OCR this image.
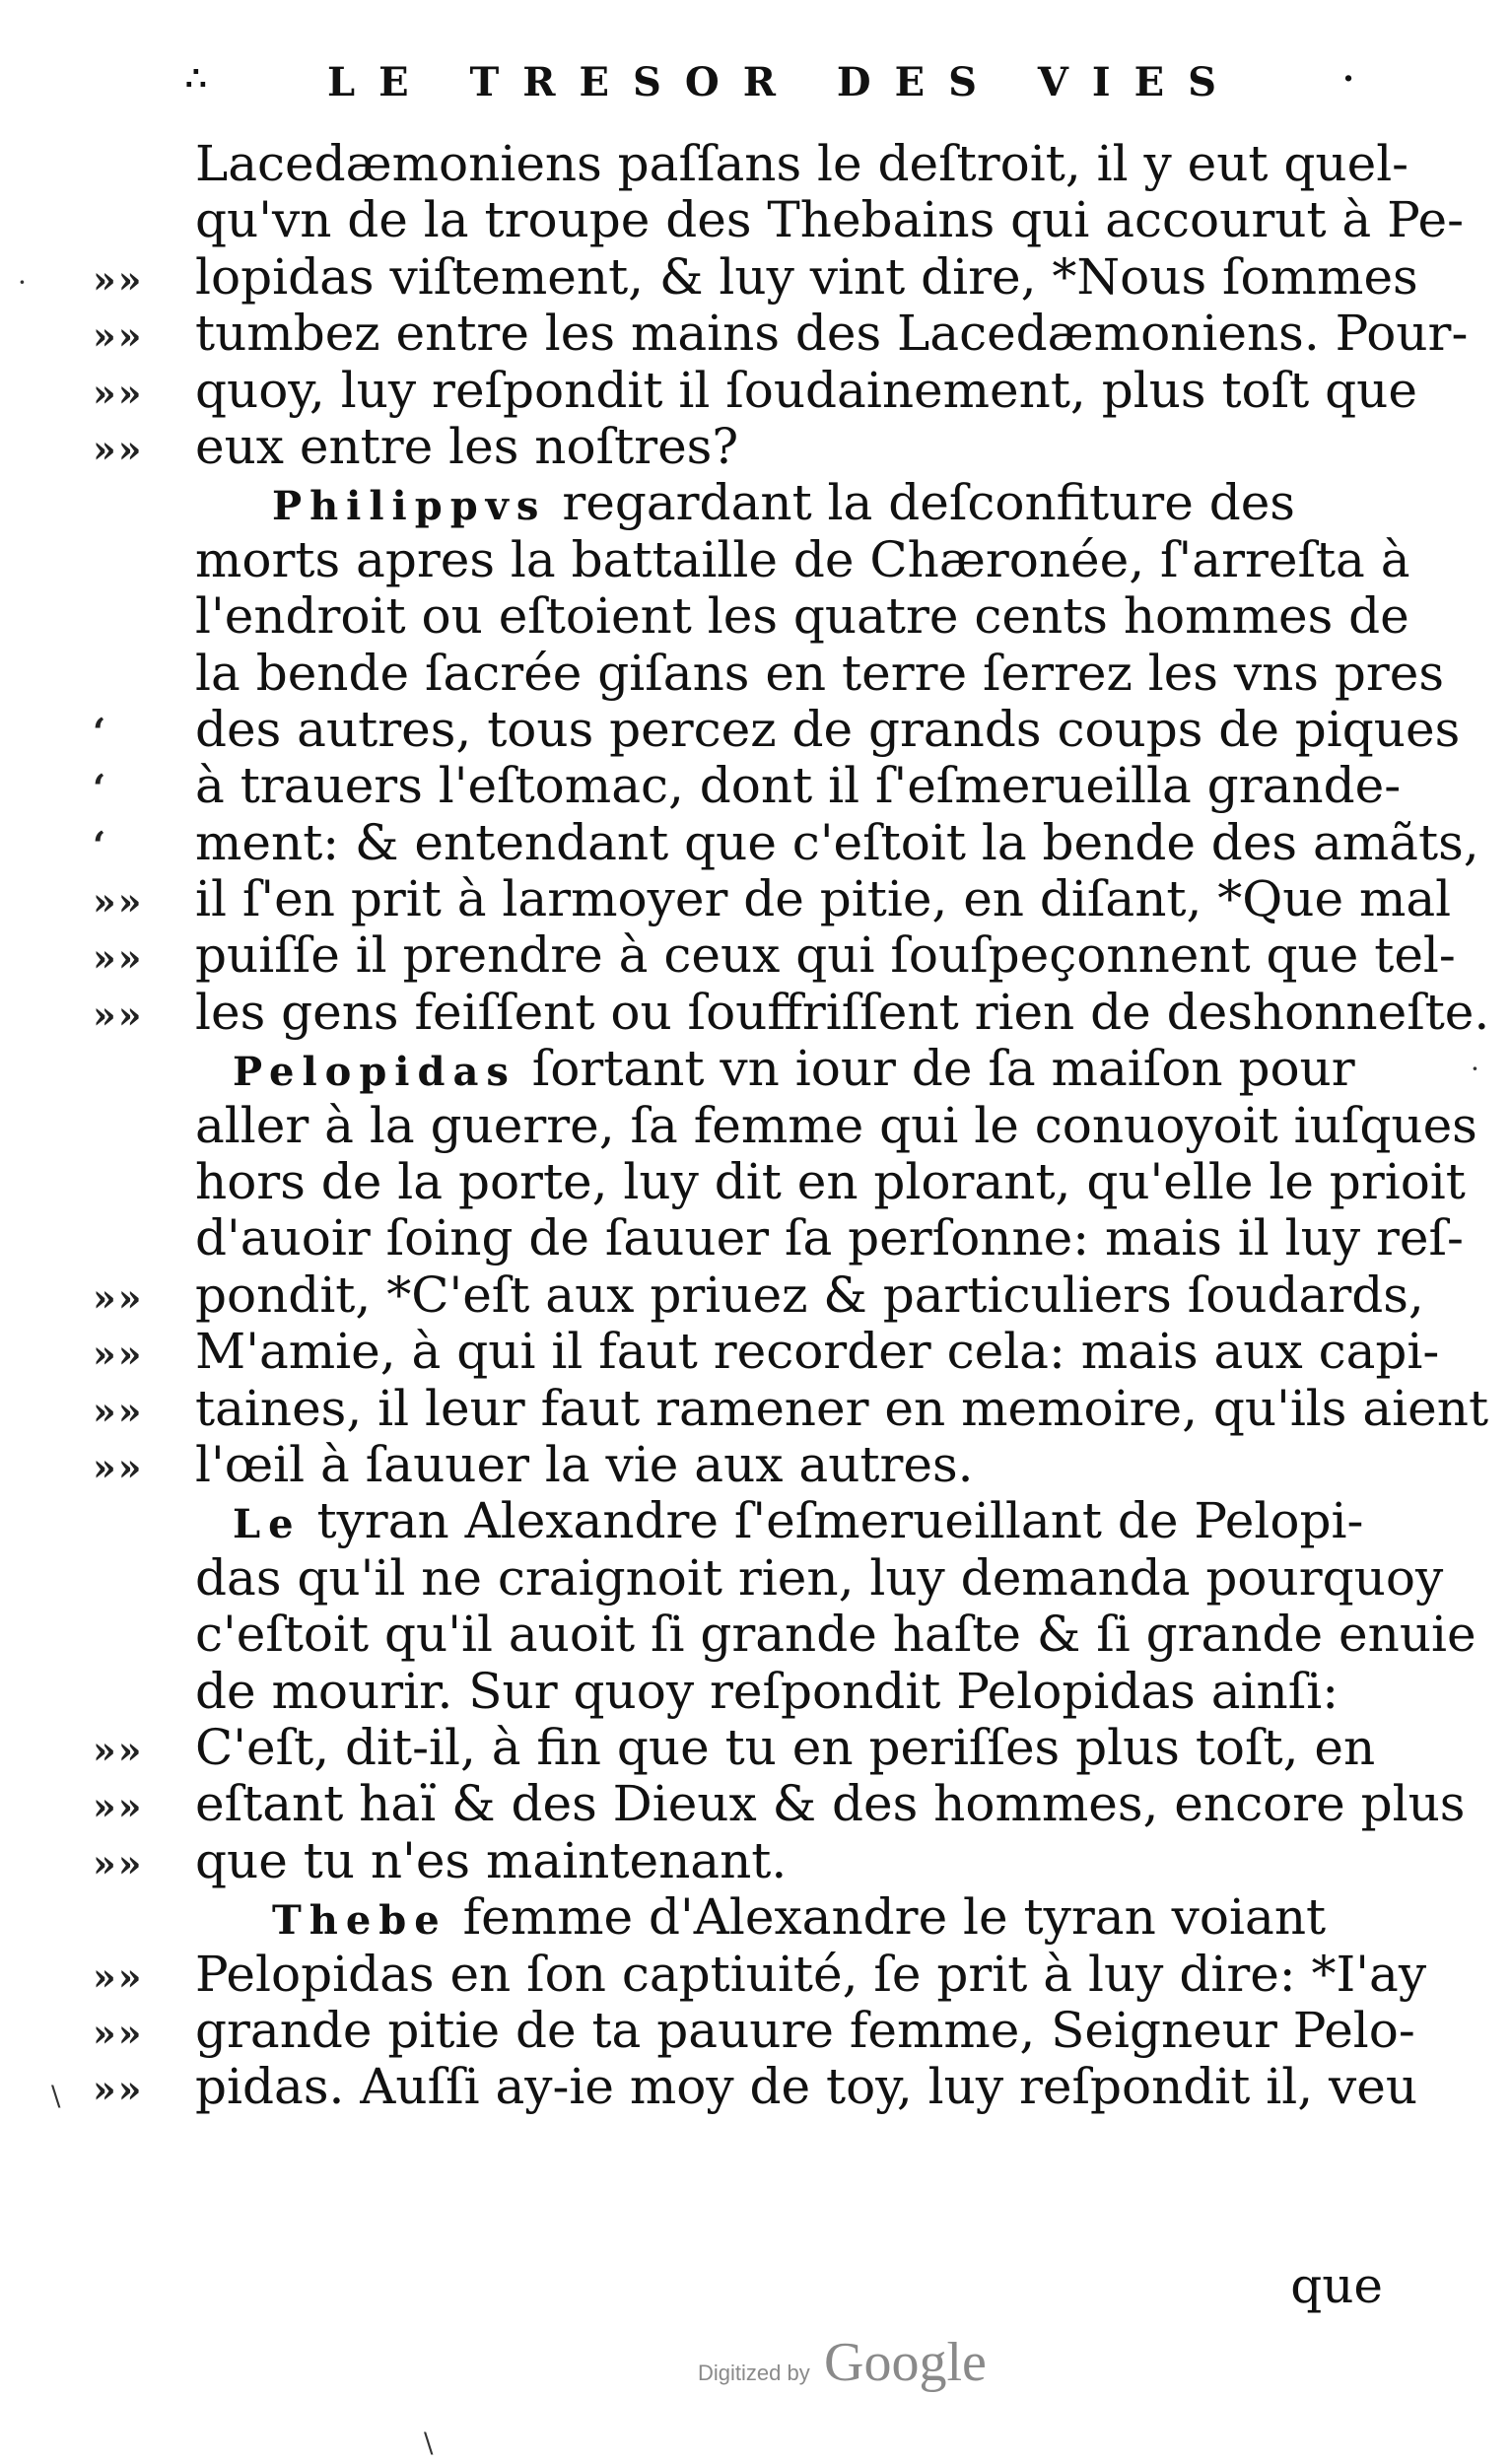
∴	LE TRESOR DES VIES	·
Lacedæmoniens paſſans le deſtroit, il y eut quel-
qu'vn de la troupe des Thebains qui accourut à Pe-
»» lopidas viſtement, & luy vint dire, *Nous ſommes
»» tumbez entre les mains des Lacedæmoniens. Pour-
»» quoy, luy reſpondit il ſoudainement, plus toſt que
»» eux entre les noſtres?
Philippvs regardant la deſconfiture des
morts apres la battaille de Chæronée, ſ'arreſta à
l'endroit ou eſtoient les quatre cents hommes de
la bende ſacrée giſans en terre ſerrez les vns pres
‘	des autres, tous percez de grands coups de piques
‘	à trauers l'eſtomac, dont il ſ'eſmerueilla grande-
‘	ment: & entendant que c'eſtoit la bende des amãts,
»» il ſ'en prit à larmoyer de pitie, en diſant, *Que mal
»» puiſſe il prendre à ceux qui ſouſpeçonnent que tel-
»» les gens feiſſent ou ſouffriſſent rien de deshonneſte.
Pelopidas ſortant vn iour de ſa maiſon pour
aller à la guerre, ſa femme qui le conuoyoit iuſques
hors de la porte, luy dit en plorant, qu'elle le prioit
d'auoir ſoing de ſauuer ſa perſonne: mais il luy reſ-
»» pondit, *C'eſt aux priuez & particuliers ſoudards,
»» M'amie, à qui il faut recorder cela: mais aux capi-
»» taines, il leur faut ramener en memoire, qu'ils aient
»» l'œil à ſauuer la vie aux autres.
Le tyran Alexandre ſ'eſmerueillant de Pelopi-
das qu'il ne craignoit rien, luy demanda pourquoy
c'eſtoit qu'il auoit ſi grande haſte & ſi grande enuie
de mourir. Sur quoy reſpondit Pelopidas ainſi:
»» C'eſt, dit-il, à fin que tu en periſſes plus toſt, en
»» eſtant haï & des Dieux & des hommes, encore plus
»» que tu n'es maintenant.
Thebe femme d'Alexandre le tyran voiant
»» Pelopidas en ſon captiuité, ſe prit à luy dire: *I'ay
»» grande pitie de ta pauure femme, Seigneur Pelo-
»» pidas. Auſſi ay-ie moy de toy, luy reſpondit il, veu
que
Digitized by Google
·
\
·
\
